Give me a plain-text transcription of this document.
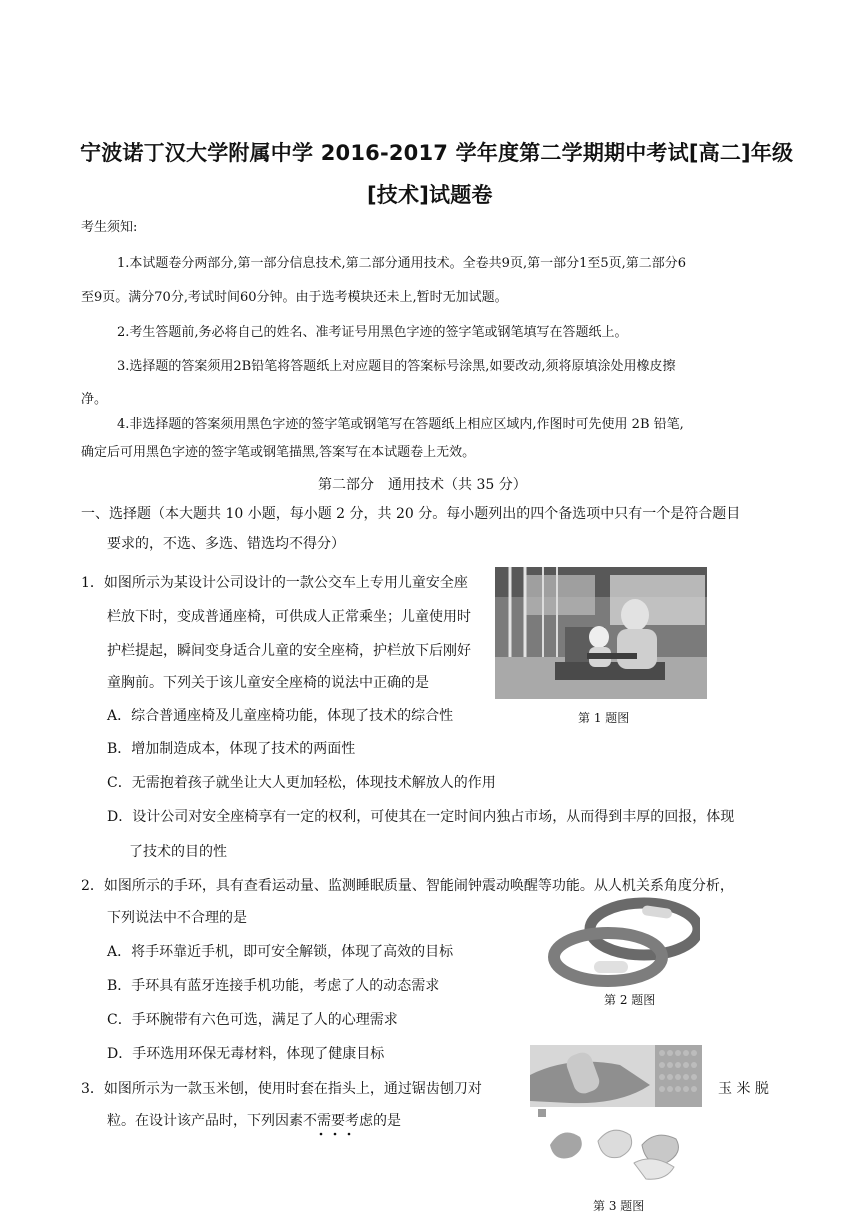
宁波诺丁汉大学附属中学 2016-2017 学年度第二学期期中考试[高二]年级
[技术]试题卷
考生须知:
1.本试题卷分两部分,第一部分信息技术,第二部分通用技术。全卷共9页,第一部分1至5页,第二部分6
至9页。满分70分,考试时间60分钟。由于选考模块还未上,暂时无加试题。
2.考生答题前,务必将自己的姓名、准考证号用黑色字迹的签字笔或钢笔填写在答题纸上。
3.选择题的答案须用2B铅笔将答题纸上对应题目的答案标号涂黑,如要改动,须将原填涂处用橡皮擦
净。
4.非选择题的答案须用黑色字迹的签字笔或钢笔写在答题纸上相应区域内,作图时可先使用 2B 铅笔,
确定后可用黑色字迹的签字笔或钢笔描黑,答案写在本试题卷上无效。
第二部分　通用技术（共 35 分）
一、选择题（本大题共 10 小题，每小题 2 分，共 20 分。每小题列出的四个备选项中只有一个是符合题目
要求的，不选、多选、错选均不得分）
1．如图所示为某设计公司设计的一款公交车上专用儿童安全座
栏放下时，变成普通座椅，可供成人正常乘坐；儿童使用时
护栏提起，瞬间变身适合儿童的安全座椅，护栏放下后刚好
童胸前。下列关于该儿童安全座椅的说法中正确的是
A．综合普通座椅及儿童座椅功能，体现了技术的综合性
B．增加制造成本，体现了技术的两面性
C．无需抱着孩子就坐让大人更加轻松，体现技术解放人的作用
D．设计公司对安全座椅享有一定的权利，可使其在一定时间内独占市场，从而得到丰厚的回报，体现
了技术的目的性
第 1 题图
2．如图所示的手环，具有查看运动量、监测睡眠质量、智能闹钟震动唤醒等功能。从人机关系角度分析，
下列说法中不合理的是
A．将手环靠近手机，即可安全解锁，体现了高效的目标
B．手环具有蓝牙连接手机功能，考虑了人的动态需求
C．手环腕带有六色可选，满足了人的心理需求
D．手环选用环保无毒材料，体现了健康目标
第 2 题图
3．如图所示为一款玉米刨，使用时套在指头上，通过锯齿刨刀对	玉 米 脱
粒。在设计该产品时，下列因素不需要考虑的是
第 3 题图
